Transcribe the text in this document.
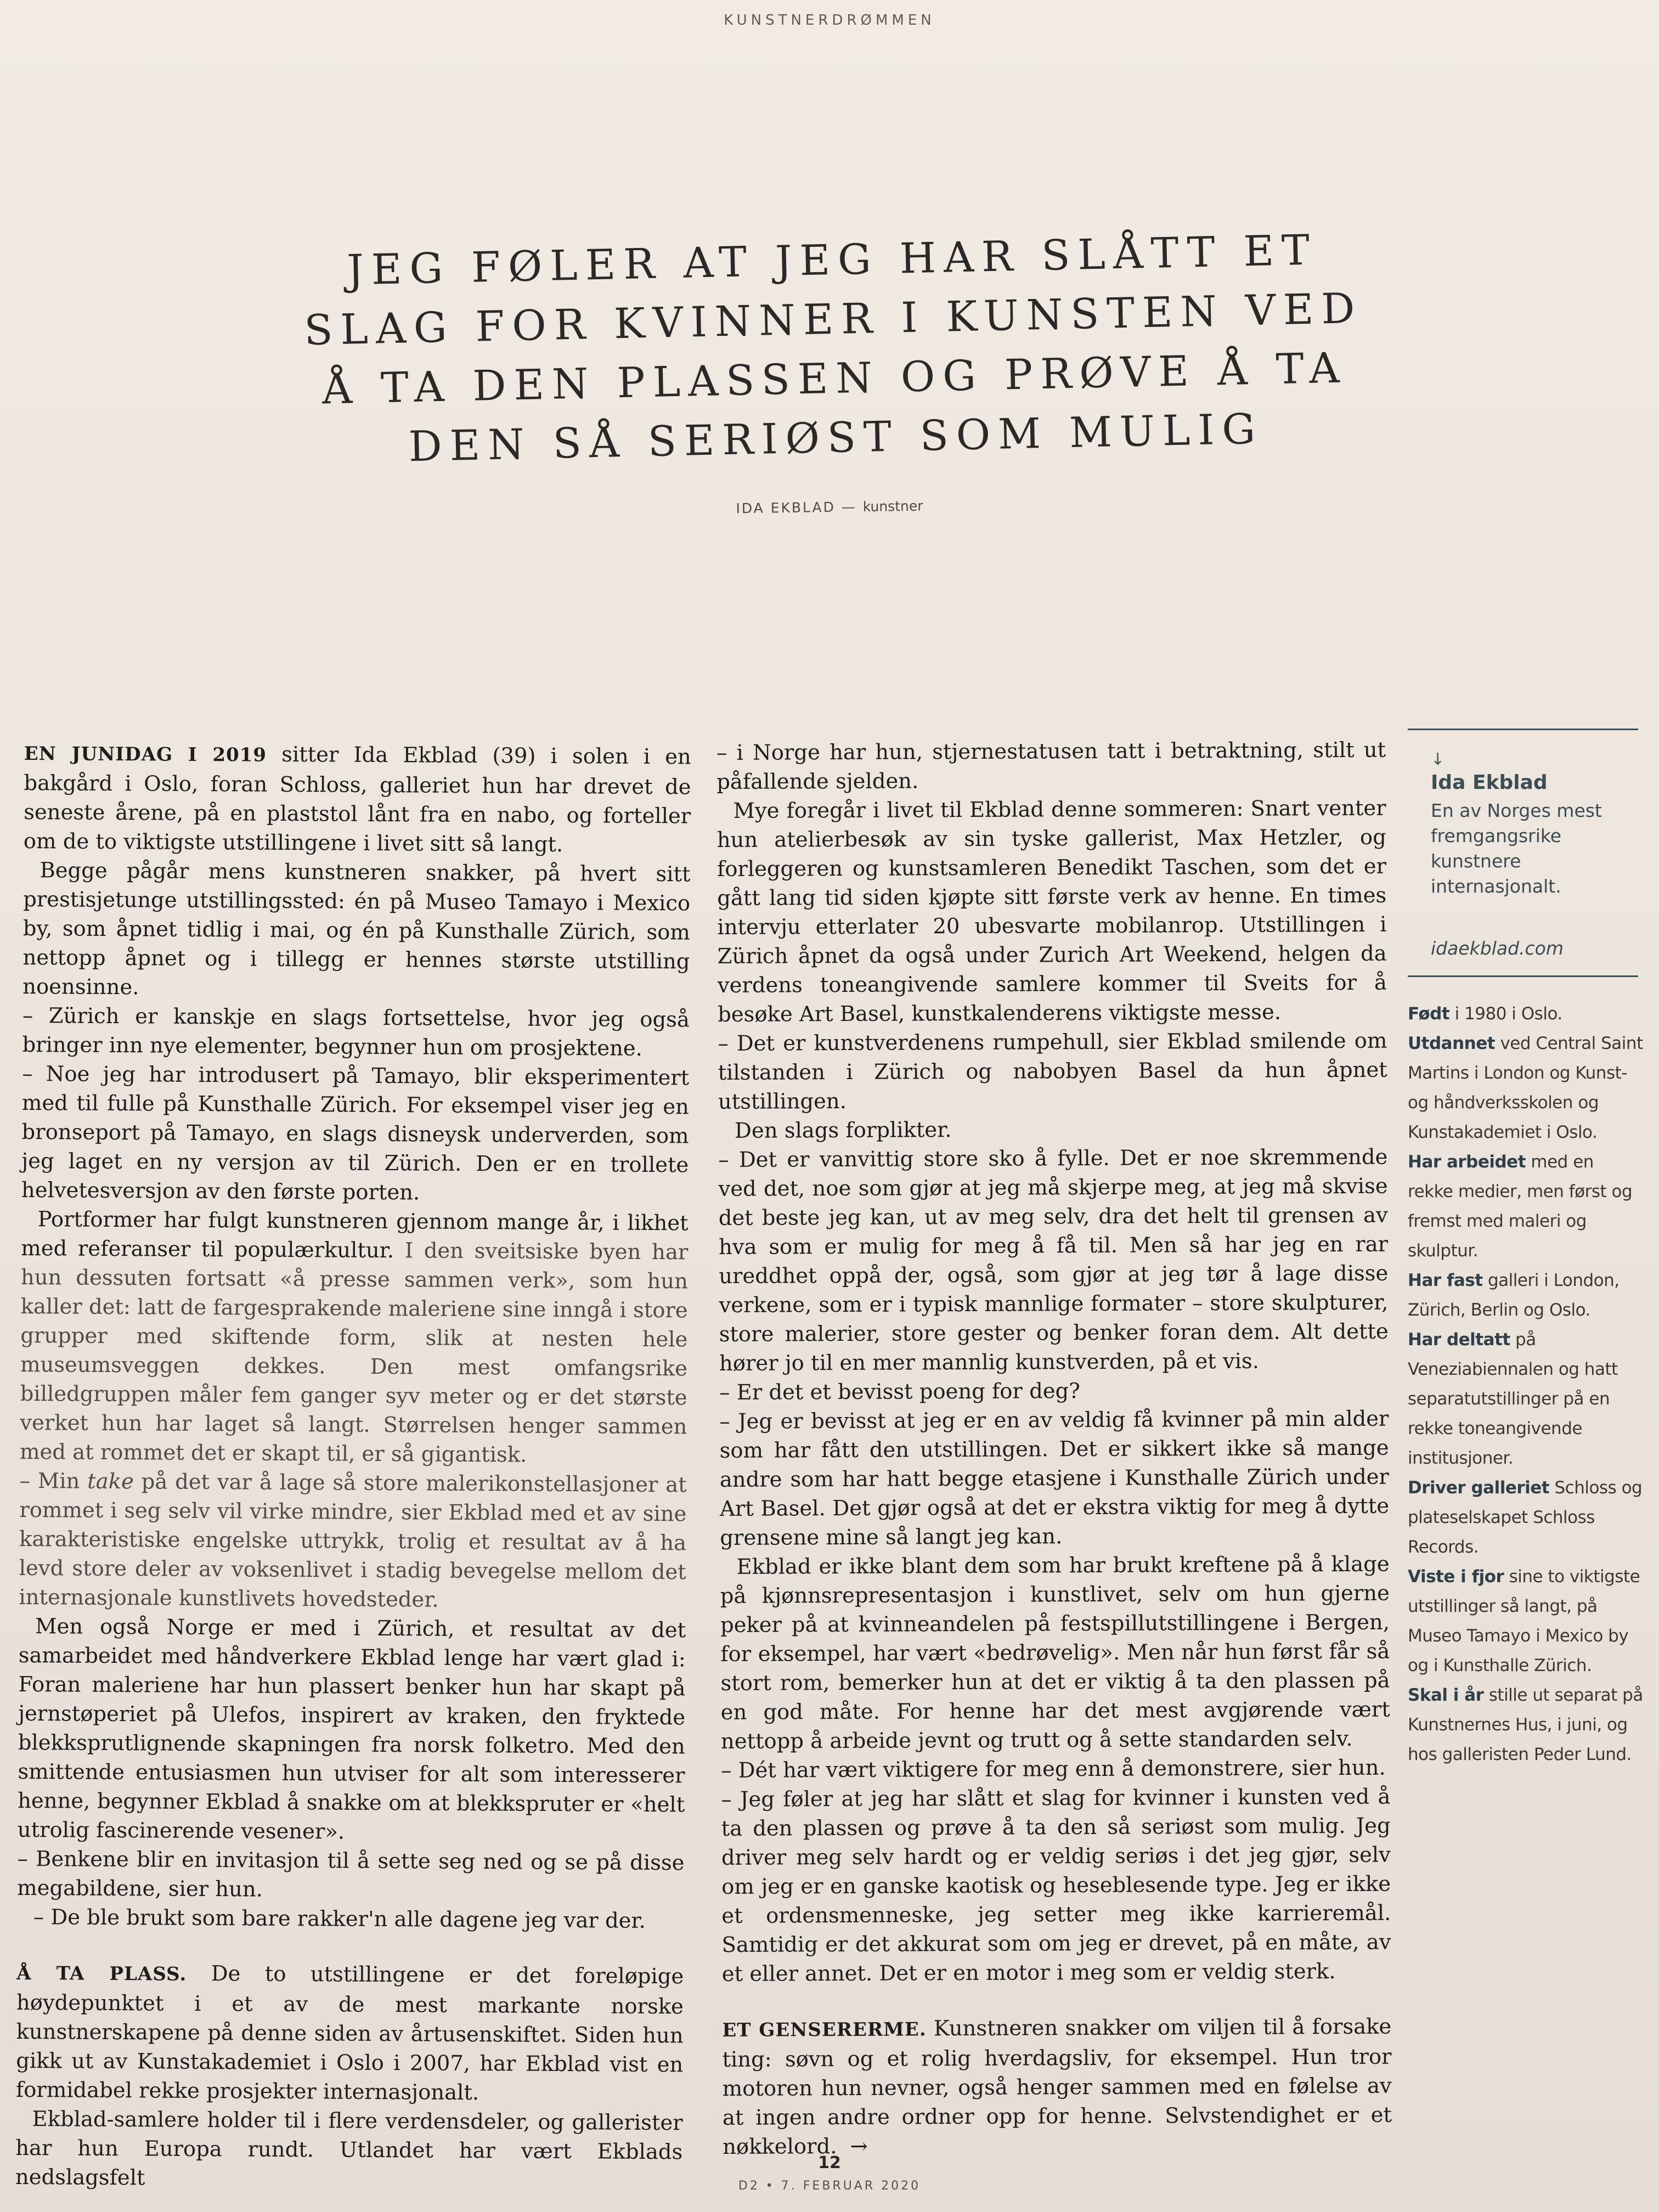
KUNSTNERDRØMMEN
JEG FØLER AT JEG HAR SLÅTT ET
SLAG FOR KVINNER I KUNSTEN VED
Å TA DEN PLASSEN OG PRØVE Å TA
DEN SÅ SERIØST SOM MULIG
IDA EKBLAD — kunstner

EN JUNIDAG I 2019 sitter Ida Ekblad (39) i solen i en bakgård i Oslo, foran Schloss, galleriet hun har drevet de seneste årene, på en plaststol lånt fra en nabo, og forteller om de to viktigste utstillingene i livet sitt så langt.

Begge pågår mens kunstneren snakker, på hvert sitt prestisjetunge utstillingssted: én på Museo Tamayo i Mexico by, som åpnet tidlig i mai, og én på Kunsthalle Zürich, som nettopp åpnet og i tillegg er hennes største utstilling noensinne.

– Zürich er kanskje en slags fortsettelse, hvor jeg også bringer inn nye elementer, begynner hun om prosjektene.

– Noe jeg har introdusert på Tamayo, blir eksperimentert med til fulle på Kunsthalle Zürich. For eksempel viser jeg en bronseport på Tamayo, en slags disneysk underverden, som jeg laget en ny versjon av til Zürich. Den er en trollete helvetesversjon av den første porten.

Portformer har fulgt kunstneren gjennom mange år, i likhet med referanser til populærkultur. I den sveitsiske byen har hun dessuten fortsatt «å presse sammen verk», som hun kaller det: latt de fargesprakende maleriene sine inngå i store grupper med skiftende form, slik at nesten hele museumsveggen dekkes. Den mest omfangsrike billedgruppen måler fem ganger syv meter og er det største verket hun har laget så langt. Størrelsen henger sammen med at rommet det er skapt til, er så gigantisk.

– Min take på det var å lage så store malerikonstellasjoner at rommet i seg selv vil virke mindre, sier Ekblad med et av sine karakteristiske engelske uttrykk, trolig et resultat av å ha levd store deler av voksenlivet i stadig bevegelse mellom det internasjonale kunstlivets hovedsteder.

Men også Norge er med i Zürich, et resultat av det samarbeidet med håndverkere Ekblad lenge har vært glad i: Foran maleriene har hun plassert benker hun har skapt på jernstøperiet på Ulefos, inspirert av kraken, den fryktede blekksprutlignende skapningen fra norsk folketro. Med den smittende entusiasmen hun utviser for alt som interesserer henne, begynner Ekblad å snakke om at blekkspruter er «helt utrolig fascinerende vesener».

– Benkene blir en invitasjon til å sette seg ned og se på disse megabildene, sier hun.

– De ble brukt som bare rakker'n alle dagene jeg var der.

Å TA PLASS. De to utstillingene er det foreløpige høydepunktet i et av de mest markante norske kunstnerskapene på denne siden av årtusenskiftet. Siden hun gikk ut av Kunstakademiet i Oslo i 2007, har Ekblad vist en formidabel rekke prosjekter internasjonalt.

Ekblad-samlere holder til i flere verdensdeler, og gallerister har hun Europa rundt. Utlandet har vært Ekblads nedslagsfelt

– i Norge har hun, stjernestatusen tatt i betraktning, stilt ut påfallende sjelden.

Mye foregår i livet til Ekblad denne sommeren: Snart venter hun atelierbesøk av sin tyske gallerist, Max Hetzler, og forleggeren og kunstsamleren Benedikt Taschen, som det er gått lang tid siden kjøpte sitt første verk av henne. En times intervju etterlater 20 ubesvarte mobilanrop. Utstillingen i Zürich åpnet da også under Zurich Art Weekend, helgen da verdens toneangivende samlere kommer til Sveits for å besøke Art Basel, kunstkalenderens viktigste messe.

– Det er kunstverdenens rumpehull, sier Ekblad smilende om tilstanden i Zürich og nabobyen Basel da hun åpnet utstillingen.

Den slags forplikter.

– Det er vanvittig store sko å fylle. Det er noe skremmende ved det, noe som gjør at jeg må skjerpe meg, at jeg må skvise det beste jeg kan, ut av meg selv, dra det helt til grensen av hva som er mulig for meg å få til. Men så har jeg en rar ureddhet oppå der, også, som gjør at jeg tør å lage disse verkene, som er i typisk mannlige formater – store skulpturer, store malerier, store gester og benker foran dem. Alt dette hører jo til en mer mannlig kunstverden, på et vis.

– Er det et bevisst poeng for deg?

– Jeg er bevisst at jeg er en av veldig få kvinner på min alder som har fått den utstillingen. Det er sikkert ikke så mange andre som har hatt begge etasjene i Kunsthalle Zürich under Art Basel. Det gjør også at det er ekstra viktig for meg å dytte grensene mine så langt jeg kan.

Ekblad er ikke blant dem som har brukt kreftene på å klage på kjønnsrepresentasjon i kunstlivet, selv om hun gjerne peker på at kvinneandelen på festspillutstillingene i Bergen, for eksempel, har vært «bedrøvelig». Men når hun først får så stort rom, bemerker hun at det er viktig å ta den plassen på en god måte. For henne har det mest avgjørende vært nettopp å arbeide jevnt og trutt og å sette standarden selv.

– Dét har vært viktigere for meg enn å demonstrere, sier hun.

– Jeg føler at jeg har slått et slag for kvinner i kunsten ved å ta den plassen og prøve å ta den så seriøst som mulig. Jeg driver meg selv hardt og er veldig seriøs i det jeg gjør, selv om jeg er en ganske kaotisk og heseblesende type. Jeg er ikke et ordensmenneske, jeg setter meg ikke karrieremål. Samtidig er det akkurat som om jeg er drevet, på en måte, av et eller annet. Det er en motor i meg som er veldig sterk.

ET GENSERERME. Kunstneren snakker om viljen til å forsake ting: søvn og et rolig hverdagsliv, for eksempel. Hun tror motoren hun nevner, også henger sammen med en følelse av at ingen andre ordner opp for henne. Selvstendighet er et nøkkelord. →

↓
Ida Ekblad
En av Norges mest fremgangsrike kunstnere internasjonalt.
idaekblad.com
Født i 1980 i Oslo.
Utdannet ved Central Saint Martins i London og Kunst- og håndverksskolen og Kunstakademiet i Oslo.
Har arbeidet med en rekke medier, men først og fremst med maleri og skulptur.
Har fast galleri i London, Zürich, Berlin og Oslo.
Har deltatt på Veneziabiennalen og hatt separatutstillinger på en rekke toneangivende institusjoner.
Driver galleriet Schloss og plateselskapet Schloss Records.
Viste i fjor sine to viktigste utstillinger så langt, på Museo Tamayo i Mexico by og i Kunsthalle Zürich.
Skal i år stille ut separat på Kunstnernes Hus, i juni, og hos galleristen Peder Lund.
12
D2 • 7. FEBRUAR 2020
